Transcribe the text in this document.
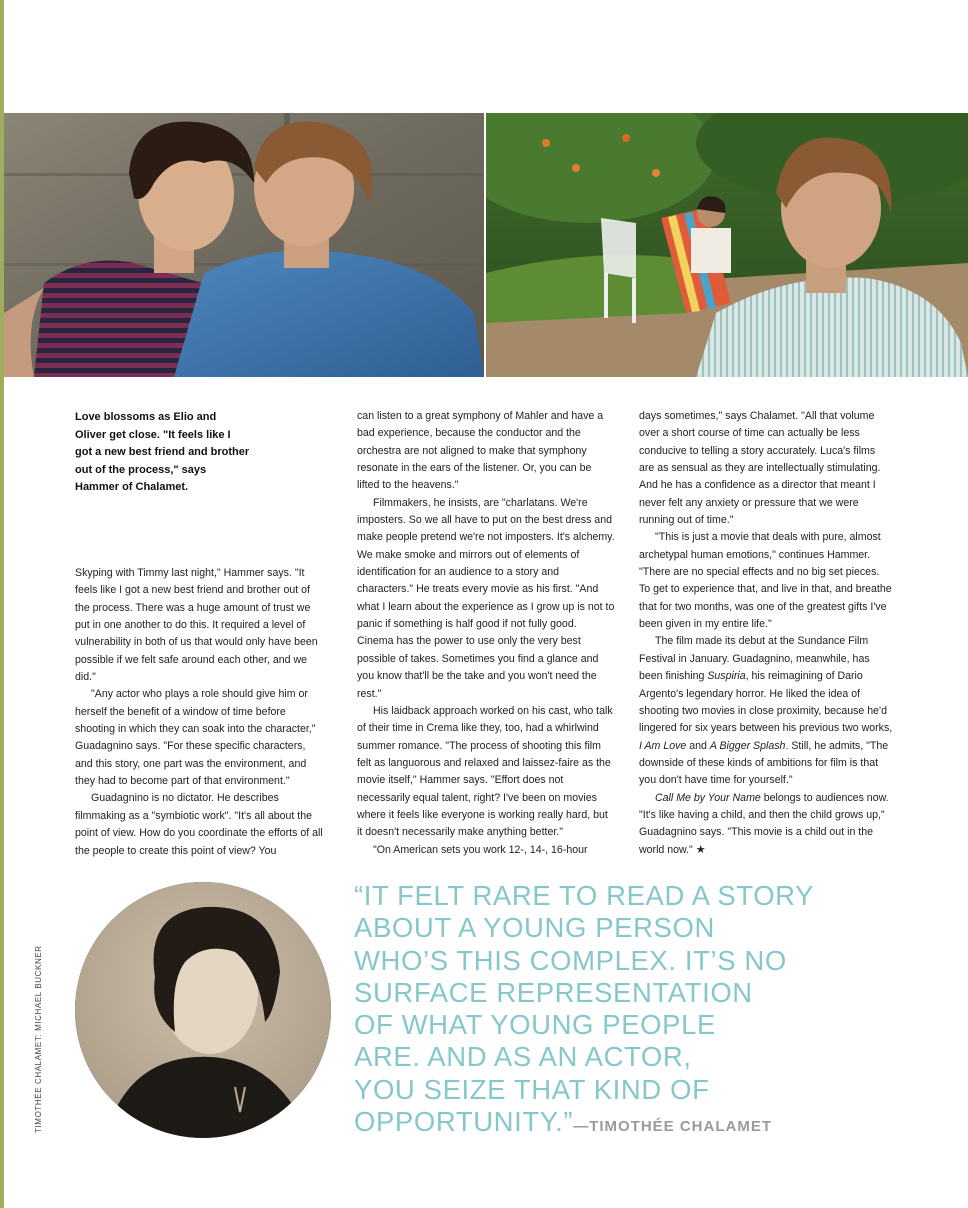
Love blossoms as Elio and Oliver get close. "It feels like I got a new best friend and brother out of the process," says Hammer of Chalamet.

Skyping with Timmy last night," Hammer says. "It feels like I got a new best friend and brother out of the process. There was a huge amount of trust we put in one another to do this. It required a level of vulnerability in both of us that would only have been possible if we felt safe around each other, and we did."

"Any actor who plays a role should give him or herself the benefit of a window of time before shooting in which they can soak into the character," Guadagnino says. "For these specific characters, and this story, one part was the environment, and they had to become part of that environment."

Guadagnino is no dictator. He describes filmmaking as a "symbiotic work". "It's all about the point of view. How do you coordinate the efforts of all the people to create this point of view? You

can listen to a great symphony of Mahler and have a bad experience, because the conductor and the orchestra are not aligned to make that symphony resonate in the ears of the listener. Or, you can be lifted to the heavens."

Filmmakers, he insists, are "charlatans. We're imposters. So we all have to put on the best dress and make people pretend we're not imposters. It's alchemy. We make smoke and mirrors out of elements of identification for an audience to a story and characters." He treats every movie as his first. "And what I learn about the experience as I grow up is not to panic if something is half good if not fully good. Cinema has the power to use only the very best possible of takes. Sometimes you find a glance and you know that'll be the take and you won't need the rest."

His laidback approach worked on his cast, who talk of their time in Crema like they, too, had a whirlwind summer romance. "The process of shooting this film felt as languorous and relaxed and laissez-faire as the movie itself," Hammer says. "Effort does not necessarily equal talent, right? I've been on movies where it feels like everyone is working really hard, but it doesn't necessarily make anything better."

"On American sets you work 12-, 14-, 16-hour

days sometimes," says Chalamet. "All that volume over a short course of time can actually be less conducive to telling a story accurately. Luca's films are as sensual as they are intellectually stimulating. And he has a confidence as a director that meant I never felt any anxiety or pressure that we were running out of time."

"This is just a movie that deals with pure, almost archetypal human emotions," continues Hammer. "There are no special effects and no big set pieces. To get to experience that, and live in that, and breathe that for two months, was one of the greatest gifts I've been given in my entire life."

The film made its debut at the Sundance Film Festival in January. Guadagnino, meanwhile, has been finishing Suspiria, his reimagining of Dario Argento's legendary horror. He liked the idea of shooting two movies in close proximity, because he'd lingered for six years between his previous two works, I Am Love and A Bigger Splash. Still, he admits, "The downside of these kinds of ambitions for film is that you don't have time for yourself."

Call Me by Your Name belongs to audiences now. "It's like having a child, and then the child grows up," Guadagnino says. "This movie is a child out in the world now." ★

TIMOTHÉE CHALAMET: MICHAEL BUCKNER
“IT FELT RARE TO READ A STORY
ABOUT A YOUNG PERSON
WHO’S THIS COMPLEX. IT’S NO
SURFACE REPRESENTATION
OF WHAT YOUNG PEOPLE
ARE. AND AS AN ACTOR,
YOU SEIZE THAT KIND OF
OPPORTUNITY.”—TIMOTHÉE CHALAMET
